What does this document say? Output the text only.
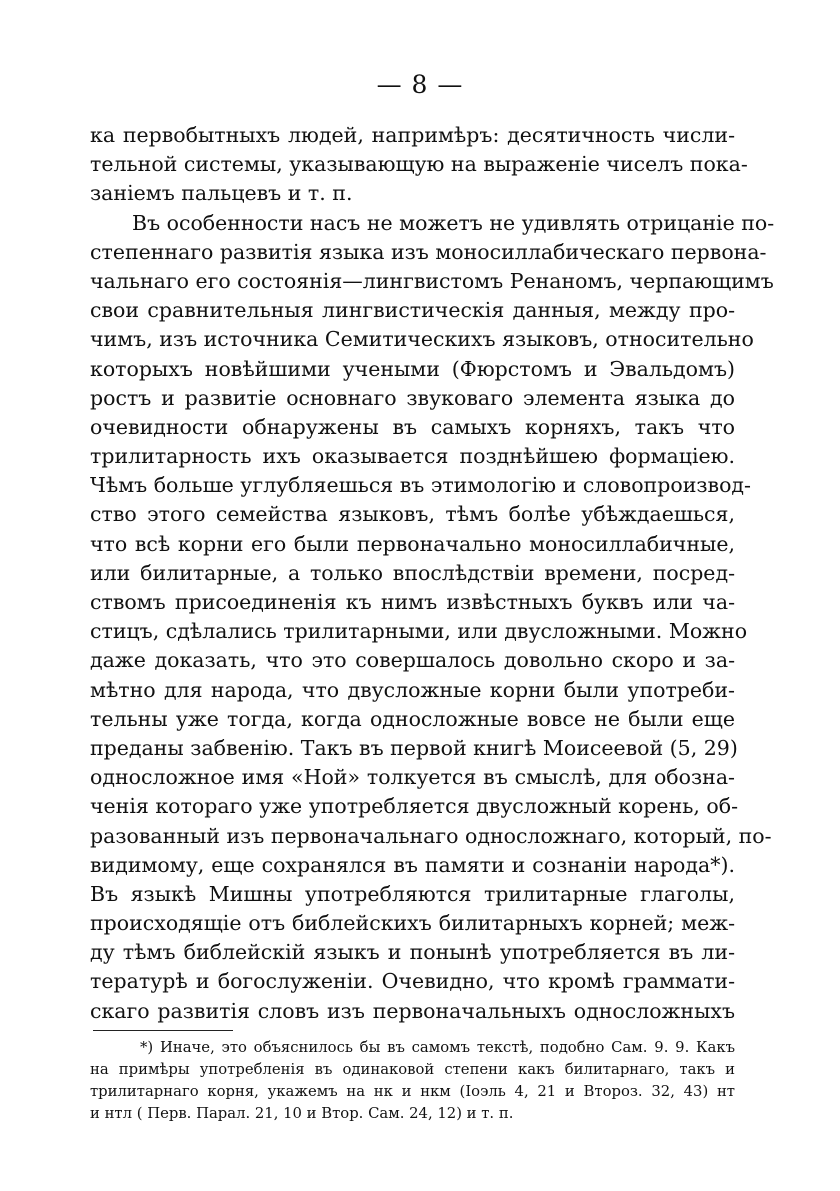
— 8 —
ка первобытныхъ людей, напримѣръ: десятичность числи-
тельной системы, указывающую на выраженіе чиселъ пока-
заніемъ пальцевъ и т. п.
Въ особенности насъ не можетъ не удивлять отрицаніе по-
степеннаго развитія языка изъ моносиллабическаго первона-
чальнаго его состоянія—лингвистомъ Ренаномъ, черпающимъ
свои сравнительныя лингвистическія данныя, между про-
чимъ, изъ источника Семитическихъ языковъ, относительно
которыхъ новѣйшими учеными (Фюрстомъ и Эвальдомъ)
ростъ и развитіе основнаго звуковаго элемента языка до
очевидности обнаружены въ самыхъ корняхъ, такъ что
трилитарность ихъ оказывается позднѣйшею формаціею.
Чѣмъ больше углубляешься въ этимологію и словопроизвод-
ство этого семейства языковъ, тѣмъ болѣе убѣждаешься,
что всѣ корни его были первоначально моносиллабичные,
или билитарные, а только впослѣдствіи времени, посред-
ствомъ присоединенія къ нимъ извѣстныхъ буквъ или ча-
стицъ, сдѣлались трилитарными, или двусложными. Можно
даже доказать, что это совершалось довольно скоро и за-
мѣтно для народа, что двусложные корни были употреби-
тельны уже тогда, когда односложные вовсе не были еще
преданы забвенію. Такъ въ первой книгѣ Моисеевой (5, 29)
односложное имя «Ной» толкуется въ смыслѣ, для обозна-
ченія котораго уже употребляется двусложный корень, об-
разованный изъ первоначальнаго односложнаго, который, по-
видимому, еще сохранялся въ памяти и сознаніи народа*).
Въ языкѣ Мишны употребляются трилитарные глаголы,
происходящіе отъ библейскихъ билитарныхъ корней; меж-
ду тѣмъ библейскій языкъ и понынѣ употребляется въ ли-
тературѣ и богослуженіи. Очевидно, что кромѣ граммати-
скаго развитія словъ изъ первоначальныхъ односложныхъ
*) Иначе, это объяснилось бы въ самомъ текстѣ, подобно Сам. 9. 9. Какъ
на примѣры употребленія въ одинаковой степени какъ билитарнаго, такъ и
трилитарнаго корня, укажемъ на нк и нкм (Іоэль 4, 21 и Второз. 32, 43) нт
и нтл ( Перв. Парал. 21, 10 и Втор. Сам. 24, 12) и т. п.
